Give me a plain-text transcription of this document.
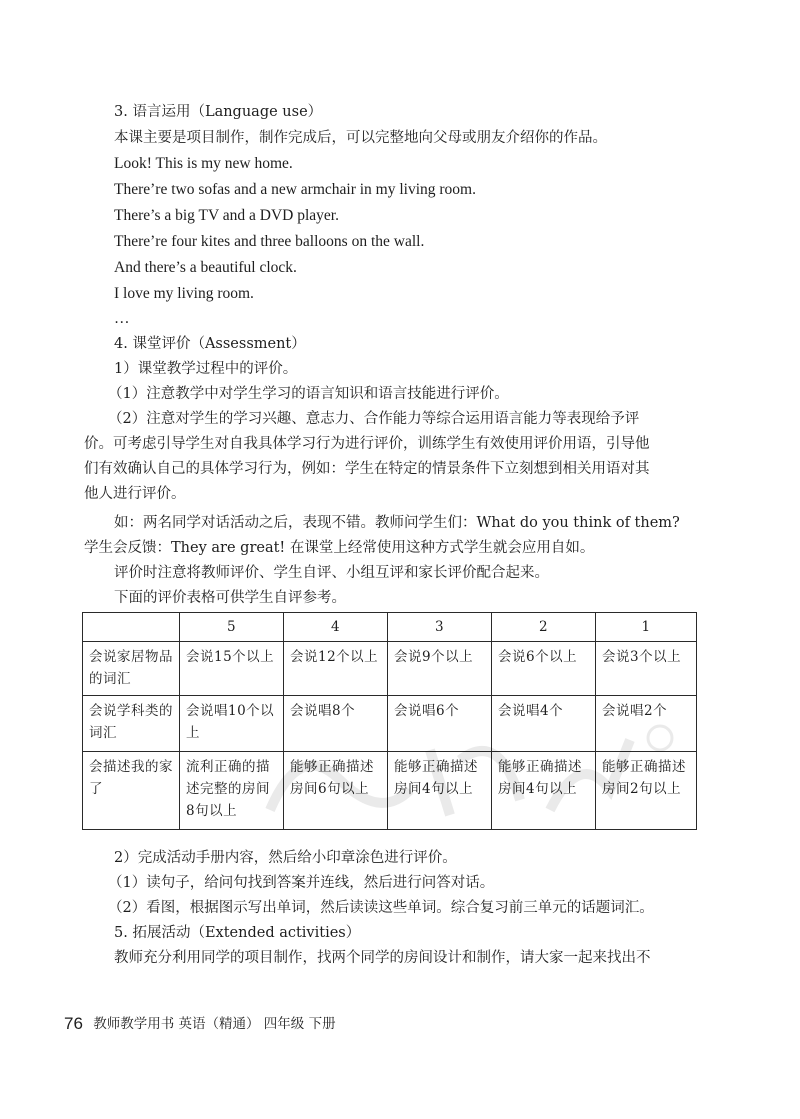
3. 语言运用（Language use）
本课主要是项目制作，制作完成后，可以完整地向父母或朋友介绍你的作品。
Look! This is my new home.
There’re two sofas and a new armchair in my living room.
There’s a big TV and a DVD player.
There’re four kites and three balloons on the wall.
And there’s a beautiful clock.
I love my living room.
…
4. 课堂评价（Assessment）
1）课堂教学过程中的评价。
（1）注意教学中对学生学习的语言知识和语言技能进行评价。
（2）注意对学生的学习兴趣、意志力、合作能力等综合运用语言能力等表现给予评
价。可考虑引导学生对自我具体学习行为进行评价，训练学生有效使用评价用语，引导他
们有效确认自己的具体学习行为，例如：学生在特定的情景条件下立刻想到相关用语对其
他人进行评价。
如：两名同学对话活动之后，表现不错。教师问学生们：What do you think of them?
学生会反馈：They are great! 在课堂上经常使用这种方式学生就会应用自如。
评价时注意将教师评价、学生自评、小组互评和家长评价配合起来。
下面的评价表格可供学生自评参考。
	5	4	3	2	1
会说家居物品的词汇	会说15个以上	会说12个以上	会说9个以上	会说6个以上	会说3个以上
会说学科类的词汇	会说唱10个以上	会说唱8个	会说唱6个	会说唱4个	会说唱2个
会描述我的家了	流利正确的描述完整的房间8句以上	能够正确描述房间6句以上	能够正确描述房间4句以上	能够正确描述房间4句以上	能够正确描述房间2句以上
2）完成活动手册内容，然后给小印章涂色进行评价。
（1）读句子，给问句找到答案并连线，然后进行问答对话。
（2）看图，根据图示写出单词，然后读读这些单词。综合复习前三单元的话题词汇。
5. 拓展活动（Extended activities）
教师充分利用同学的项目制作，找两个同学的房间设计和制作，请大家一起来找出不
76 教师教学用书 英语（精通） 四年级 下册
